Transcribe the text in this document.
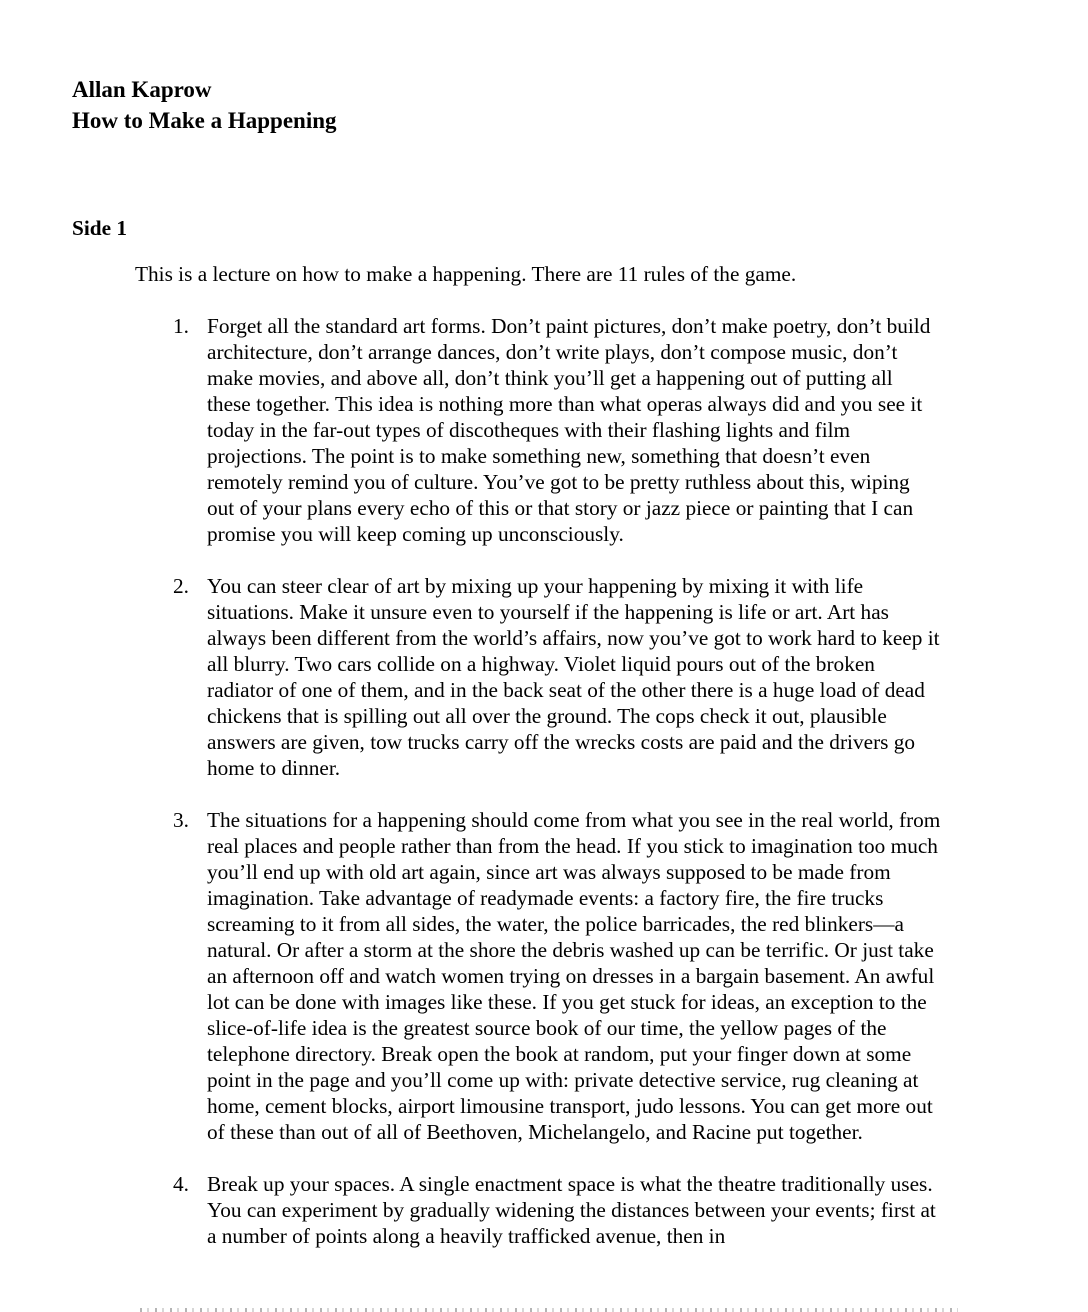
Allan Kaprow
How to Make a Happening
Side 1

This is a lecture on how to make a happening. There are 11 rules of the game.

1. Forget all the standard art forms. Don’t paint pictures, don’t make poetry, don’t build architecture, don’t arrange dances, don’t write plays, don’t compose music, don’t make movies, and above all, don’t think you’ll get a happening out of putting all these together. This idea is nothing more than what operas always did and you see it today in the far-out types of discotheques with their flashing lights and film projections. The point is to make something new, something that doesn’t even remotely remind you of culture. You’ve got to be pretty ruthless about this, wiping out of your plans every echo of this or that story or jazz piece or painting that I can promise you will keep coming up unconsciously.
2. You can steer clear of art by mixing up your happening by mixing it with life situations. Make it unsure even to yourself if the happening is life or art. Art has always been different from the world’s affairs, now you’ve got to work hard to keep it all blurry. Two cars collide on a highway. Violet liquid pours out of the broken radiator of one of them, and in the back seat of the other there is a huge load of dead chickens that is spilling out all over the ground. The cops check it out, plausible answers are given, tow trucks carry off the wrecks costs are paid and the drivers go home to dinner.
3. The situations for a happening should come from what you see in the real world, from real places and people rather than from the head. If you stick to imagination too much you’ll end up with old art again, since art was always supposed to be made from imagination. Take advantage of readymade events: a factory fire, the fire trucks screaming to it from all sides, the water, the police barricades, the red blinkers—a natural. Or after a storm at the shore the debris washed up can be terrific. Or just take an afternoon off and watch women trying on dresses in a bargain basement. An awful lot can be done with images like these. If you get stuck for ideas, an exception to the slice-of-life idea is the greatest source book of our time, the yellow pages of the telephone directory. Break open the book at random, put your finger down at some point in the page and you’ll come up with: private detective service, rug cleaning at home, cement blocks, airport limousine transport, judo lessons. You can get more out of these than out of all of Beethoven, Michelangelo, and Racine put together.
4. Break up your spaces. A single enactment space is what the theatre traditionally uses. You can experiment by gradually widening the distances between your events; first at a number of points along a heavily trafficked avenue, then in
